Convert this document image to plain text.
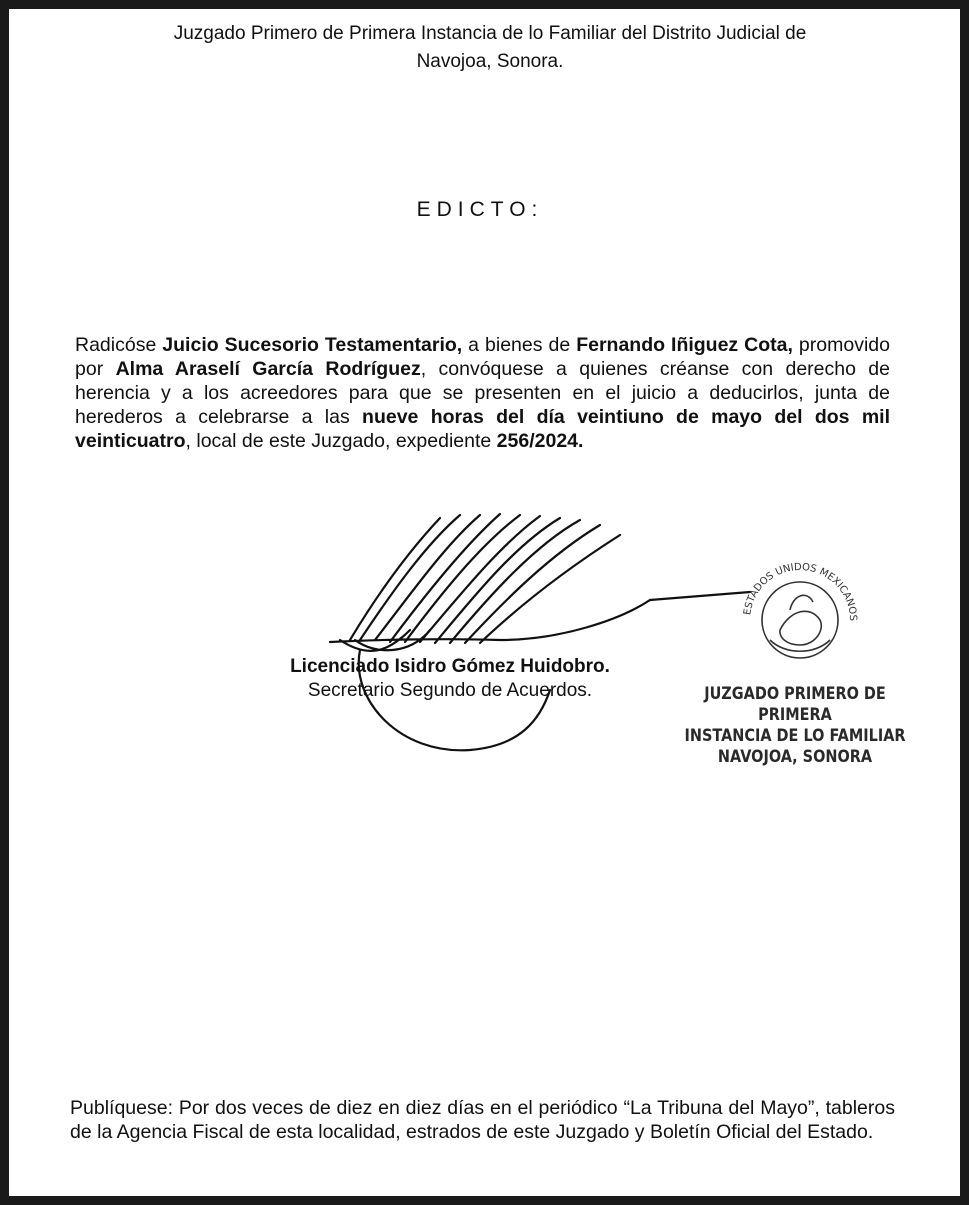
Juzgado Primero de Primera Instancia de lo Familiar del Distrito Judicial de
Navojoa, Sonora.
EDICTO:
Radicóse Juicio Sucesorio Testamentario, a bienes de Fernando Iñiguez Cota, promovido por Alma Araselí García Rodríguez, convóquese a quienes créanse con derecho de herencia y a los acreedores para que se presenten en el juicio a deducirlos, junta de herederos a celebrarse a las nueve horas del día veintiuno de mayo del dos mil veinticuatro, local de este Juzgado, expediente 256/2024.
Licenciado Isidro Gómez Huidobro.
Secretario Segundo de Acuerdos.
ESTADOS UNIDOS MEXICANOS
JUZGADO PRIMERO DE PRIMERA
INSTANCIA DE LO FAMILIAR
NAVOJOA, SONORA
Publíquese: Por dos veces de diez en diez días en el periódico “La Tribuna del Mayo”, tableros de la Agencia Fiscal de esta localidad, estrados de este Juzgado y Boletín Oficial del Estado.
